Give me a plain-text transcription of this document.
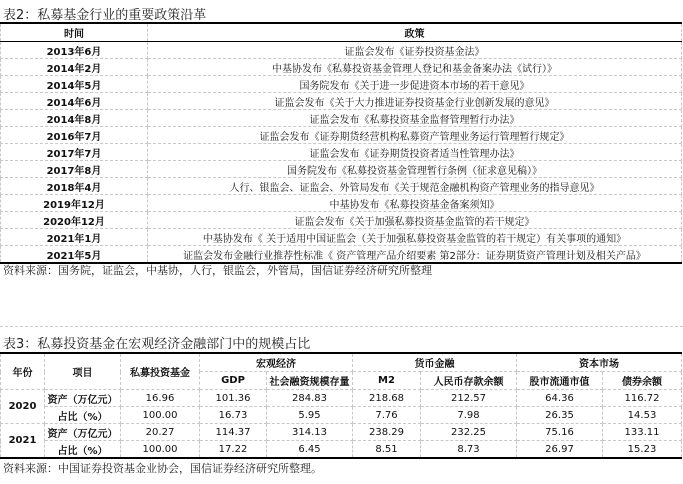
表2：私募基金行业的重要政策沿革
时间	政策
2013年6月	证监会发布《证券投资基金法》
2014年2月	中基协发布《私募投资基金管理人登记和基金备案办法《试行）》
2014年5月	国务院发布《关于进一步促进资本市场的若干意见》
2014年6月	证监会发布《关于大力推进证券投资基金行业创新发展的意见》
2014年8月	证监会发布《私募投资基金监督管理暂行办法》
2016年7月	证监会发布《证券期货经营机构私募资产管理业务运行管理暂行规定》
2017年7月	证监会发布《证券期货投资者适当性管理办法》
2017年8月	国务院发布《私募投资基金管理暂行条例（征求意见稿）》
2018年4月	人行、银监会、证监会、外管局发布《关于规范金融机构资产管理业务的指导意见》
2019年12月	中基协发布《私募投资基金备案须知》
2020年12月	证监会发布《关于加强私募投资基金监管的若干规定》
2021年1月	中基协发布《 关于适用中国证监会（关于加强私募投资基金监管的若干规定）有关事项的通知》
2021年5月	证监会发布金融行业推荐性标准《 资产管理产品介绍要素 第2部分：证券期货资产管理计划及相关产品》
资料来源：国务院，证监会，中基协，人行，银监会，外管局，国信证券经济研究所整理
表3：私募投资基金在宏观经济金融部门中的规模占比
年份	项目	私募投资基金	宏观经济		货币金融		资本市场	
			GDP	社会融资规模存量	M2	人民币存款余额	股市流通市值	债券余额
2020	资产（万亿元）	16.96	101.36	284.83	218.68	212.57	64.36	116.72
	占比（%）	100.00	16.73	5.95	7.76	7.98	26.35	14.53
2021	资产（万亿元）	20.27	114.37	314.13	238.29	232.25	75.16	133.11
	占比（%）	100.00	17.22	6.45	8.51	8.73	26.97	15.23
资料来源：中国证券投资基金业协会，国信证券经济研究所整理。
